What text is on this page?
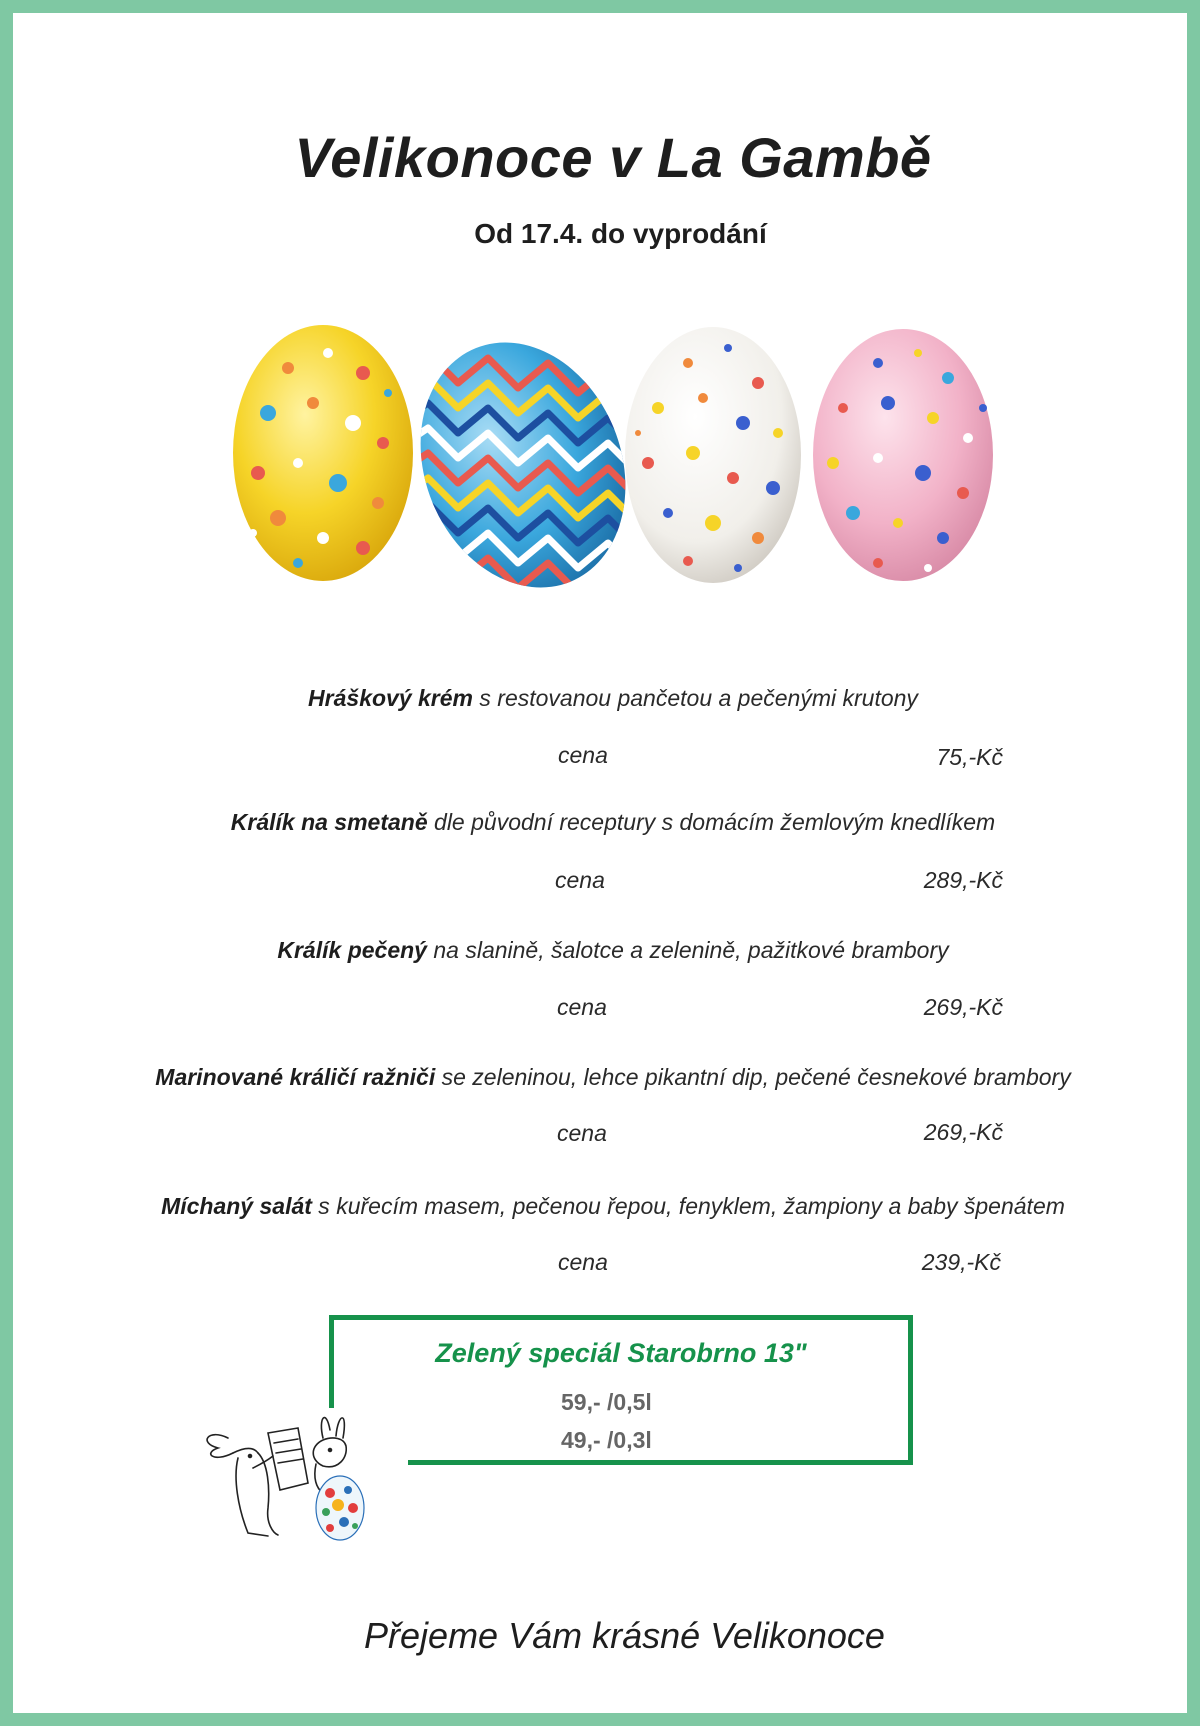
Velikonoce v La Gambě
Od 17.4. do vyprodání
Hráškový krém s restovanou pančetou a pečenými krutony
cena	75,-Kč
Králík na smetaně dle původní receptury s domácím žemlovým knedlíkem
cena	289,-Kč
Králík pečený na slanině, šalotce a zelenině, pažitkové brambory
cena	269,-Kč
Marinované králičí ražniči se zeleninou, lehce pikantní dip, pečené česnekové brambory
cena	269,-Kč
Míchaný salát s kuřecím masem, pečenou řepou, fenyklem, žampiony a baby špenátem
cena	239,-Kč
Zelený speciál Starobrno 13"
59,- /0,5l
49,- /0,3l
Přejeme Vám krásné Velikonoce
